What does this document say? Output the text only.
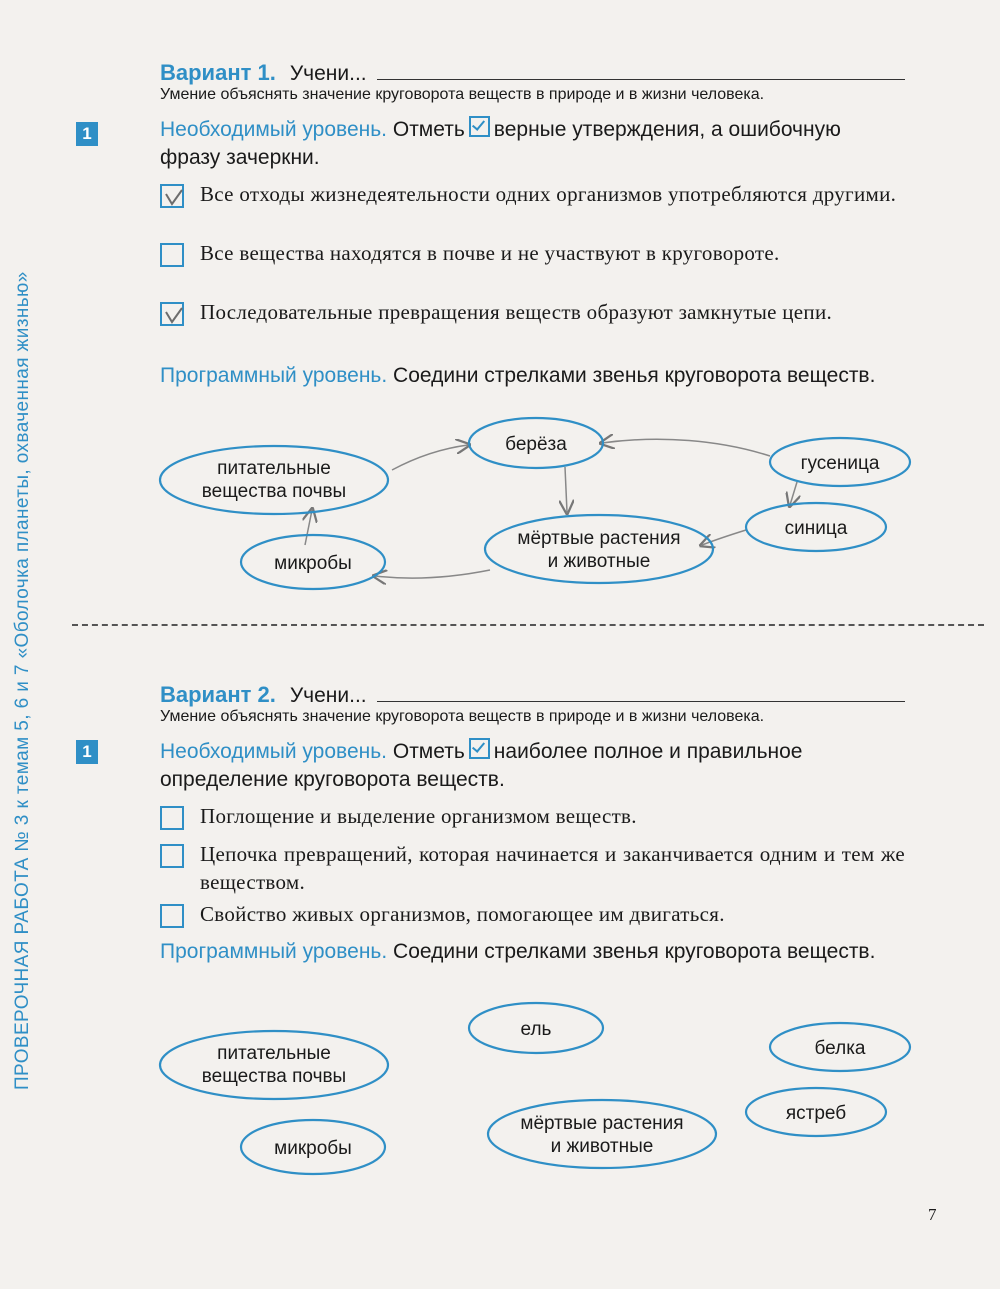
ПРОВЕРОЧНАЯ РАБОТА № 3 к темам 5, 6 и 7 «Оболочка планеты, охваченная жизнью»
Вариант 1. Учени...
Умение объяснять значение круговорота веществ в природе и в жизни человека.
1	Необходимый уровень. Отметь верные утверждения, а ошибочную фразу зачеркни.
Все отходы жизнедеятельности одних организмов употребляются другими.
Все вещества находятся в почве и не участвуют в круговороте.
Последовательные превращения веществ образуют замкнутые цепи.
Программный уровень. Соедини стрелками звенья круговорота веществ.
питательные
вещества почвы
берёза
гусеница
синица
микробы
мёртвые растения
и животные
питательные
вещества почвы
ель
белка
ястреб
микробы
мёртвые растения
и животные
Вариант 2. Учени...
Умение объяснять значение круговорота веществ в природе и в жизни человека.
1	Необходимый уровень. Отметь наиболее полное и правильное определение круговорота веществ.
Поглощение и выделение организмом веществ.
Цепочка превращений, которая начинается и заканчивается одним и тем же веществом.
Свойство живых организмов, помогающее им двигаться.
Программный уровень. Соедини стрелками звенья круговорота веществ.
7
